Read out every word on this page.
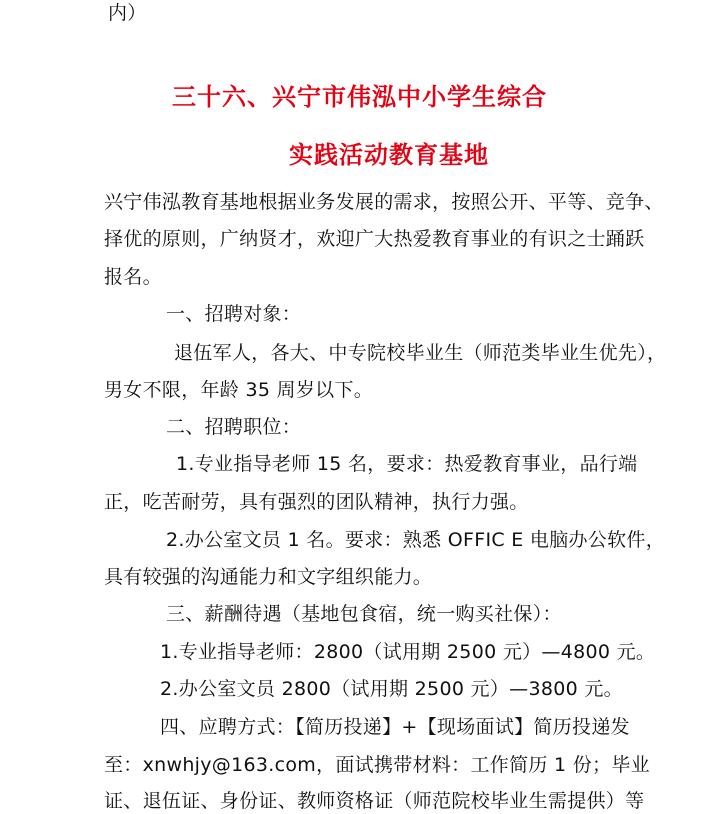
内）
三十六、兴宁市伟泓中小学生综合
实践活动教育基地
兴宁伟泓教育基地根据业务发展的需求，按照公开、平等、竞争、
择优的原则，广纳贤才，欢迎广大热爱教育事业的有识之士踊跃
报名。
一、招聘对象：
退伍军人，各大、中专院校毕业生（师范类毕业生优先），
男女不限，年龄 35 周岁以下。
二、招聘职位：
1.专业指导老师 15 名，要求：热爱教育事业，品行端
正，吃苦耐劳，具有强烈的团队精神，执行力强。
2.办公室文员 1 名。要求：熟悉 OFFIC E 电脑办公软件，
具有较强的沟通能力和文字组织能力。
三、薪酬待遇（基地包食宿，统一购买社保）：
1.专业指导老师：2800（试用期 2500 元）—4800 元。
2.办公室文员 2800（试用期 2500 元）—3800 元。
四、应聘方式：【简历投递】+【现场面试】简历投递发
至：xnwhjy@163.com，面试携带材料：工作简历 1 份；毕业
证、退伍证、身份证、教师资格证（师范院校毕业生需提供）等
